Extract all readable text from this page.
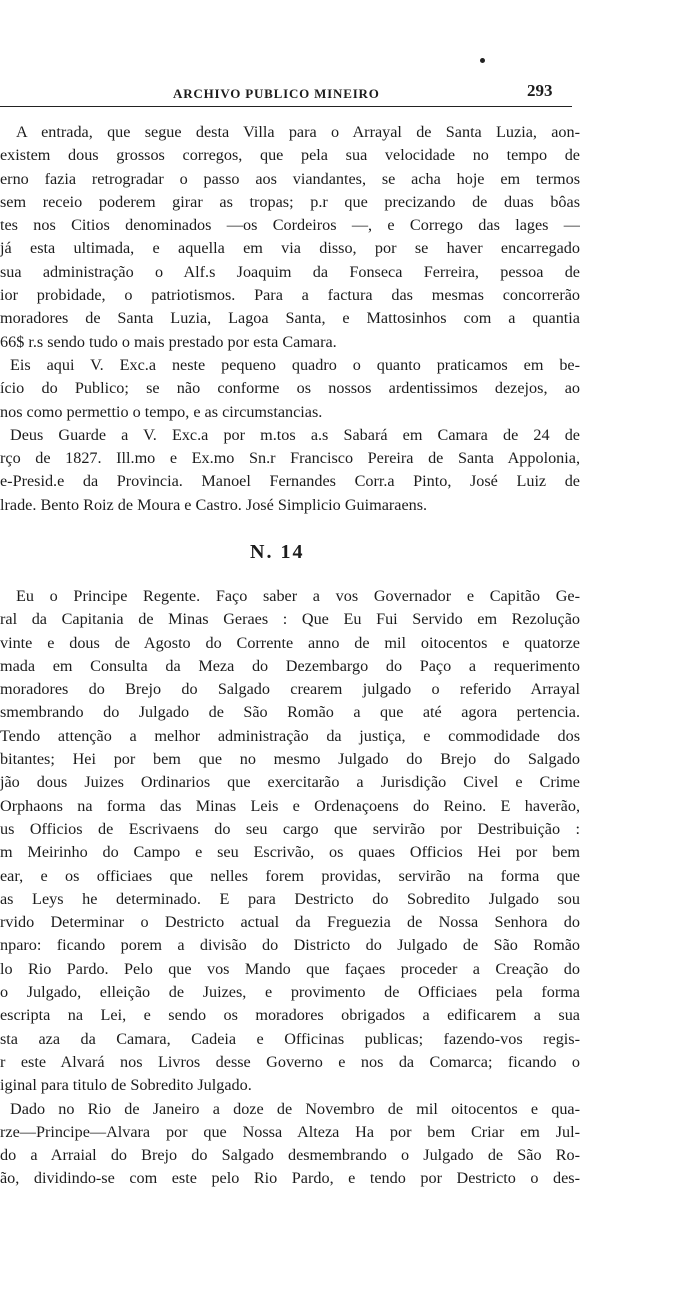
ARCHIVO PUBLICO MINEIRO	293
A entrada, que segue desta Villa para o Arrayal de Santa Luzia, aon-
existem dous grossos corregos, que pela sua velocidade no tempo de
erno fazia retrogradar o passo aos viandantes, se acha hoje em termos
sem receio poderem girar as tropas; p.r que precizando de duas bôas
tes nos Citios denominados —os Cordeiros —, e Corrego das lages —
já esta ultimada, e aquella em via disso, por se haver encarregado
sua administração o Alf.s Joaquim da Fonseca Ferreira, pessoa de
ior probidade, o patriotismos. Para a factura das mesmas concorrerão
moradores de Santa Luzia, Lagoa Santa, e Mattosinhos com a quantia
66$ r.s sendo tudo o mais prestado por esta Camara.
Eis aqui V. Exc.a neste pequeno quadro o quanto praticamos em be-
ício do Publico; se não conforme os nossos ardentissimos dezejos, ao
nos como permettio o tempo, e as circumstancias.
Deus Guarde a V. Exc.a por m.tos a.s Sabará em Camara de 24 de
rço de 1827. Ill.mo e Ex.mo Sn.r Francisco Pereira de Santa Appolonia,
e-Presid.e da Provincia. Manoel Fernandes Corr.a Pinto, José Luiz de
lrade. Bento Roiz de Moura e Castro. José Simplicio Guimaraens.
N. 14
Eu o Principe Regente. Faço saber a vos Governador e Capitão Ge-
ral da Capitania de Minas Geraes : Que Eu Fui Servido em Rezolução
vinte e dous de Agosto do Corrente anno de mil oitocentos e quatorze
mada em Consulta da Meza do Dezembargo do Paço a requerimento
moradores do Brejo do Salgado crearem julgado o referido Arrayal
smembrando do Julgado de São Romão a que até agora pertencia.
Tendo attenção a melhor administração da justiça, e commodidade dos
bitantes; Hei por bem que no mesmo Julgado do Brejo do Salgado
jão dous Juizes Ordinarios que exercitarão a Jurisdição Civel e Crime
Orphaons na forma das Minas Leis e Ordenaçoens do Reino. E haverão,
us Officios de Escrivaens do seu cargo que servirão por Destribuição :
m Meirinho do Campo e seu Escrivão, os quaes Officios Hei por bem
ear, e os officiaes que nelles forem providas, servirão na forma que
as Leys he determinado. E para Destricto do Sobredito Julgado sou
rvido Determinar o Destricto actual da Freguezia de Nossa Senhora do
nparo: ficando porem a divisão do Districto do Julgado de São Romão
lo Rio Pardo. Pelo que vos Mando que façaes proceder a Creação do
o Julgado, elleição de Juizes, e provimento de Officiaes pela forma
escripta na Lei, e sendo os moradores obrigados a edificarem a sua
sta aza da Camara, Cadeia e Officinas publicas; fazendo-vos regis-
r este Alvará nos Livros desse Governo e nos da Comarca; ficando o
iginal para titulo de Sobredito Julgado.
Dado no Rio de Janeiro a doze de Novembro de mil oitocentos e qua-
rze—Principe—Alvara por que Nossa Alteza Ha por bem Criar em Jul-
do a Arraial do Brejo do Salgado desmembrando o Julgado de São Ro-
ão, dividindo-se com este pelo Rio Pardo, e tendo por Destricto o des-
